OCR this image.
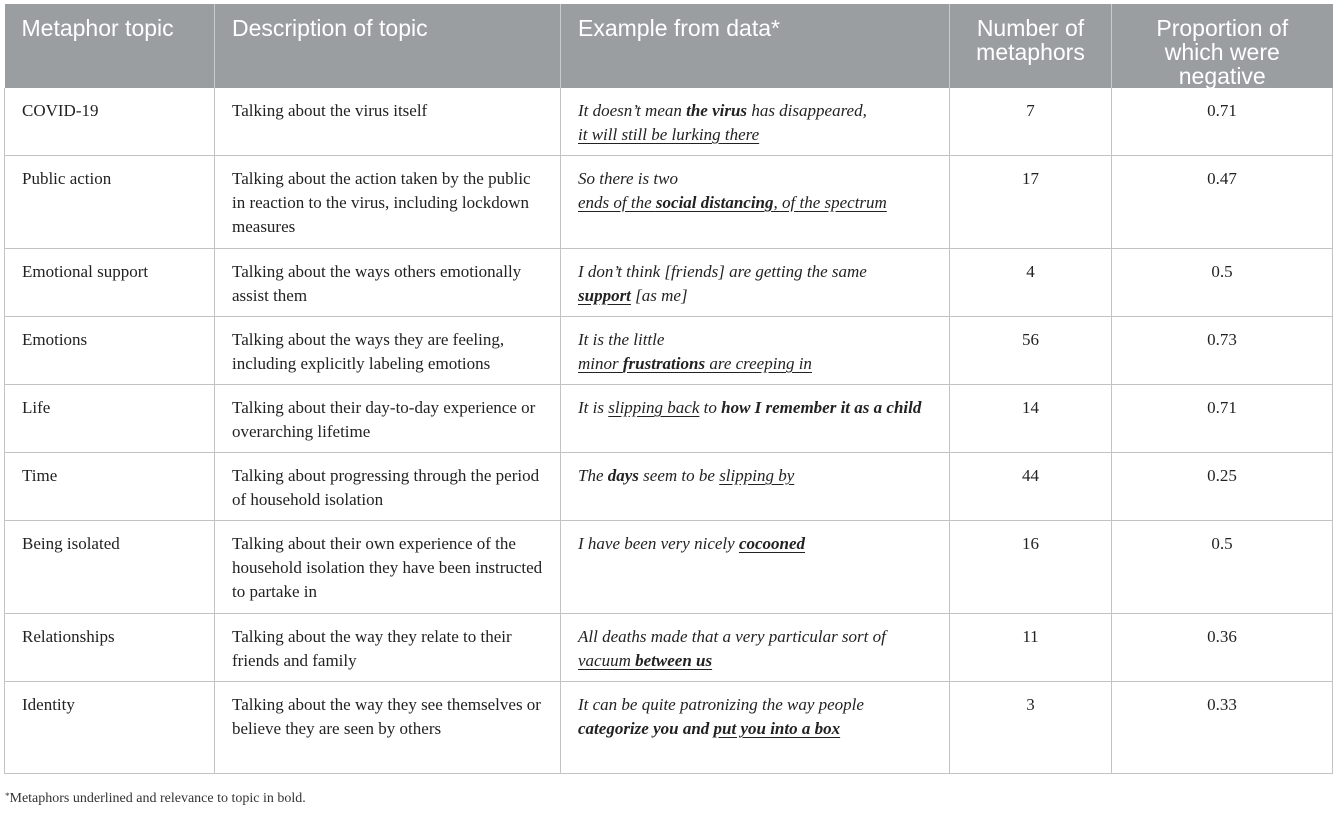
Metaphor topic	Description of topic	Example from data*	Number of
metaphors	Proportion of
which were
negative
COVID-19	Talking about the virus itself	It doesn’t mean the virus has disappeared,
it will still be lurking there	7	0.71
Public action	Talking about the action taken by the public in reaction to the virus, including lockdown measures	So there is two
ends of the social distancing, of the spectrum	17	0.47
Emotional support	Talking about the ways others emotionally assist them	I don’t think [friends] are getting the same
support [as me]	4	0.5
Emotions	Talking about the ways they are feeling, including explicitly labeling emotions	It is the little
minor frustrations are creeping in	56	0.73
Life	Talking about their day-to-day experience or overarching lifetime	It is slipping back to how I remember it as a child	14	0.71
Time	Talking about progressing through the period of household isolation	The days seem to be slipping by	44	0.25
Being isolated	Talking about their own experience of the household isolation they have been instructed to partake in	I have been very nicely cocooned	16	0.5
Relationships	Talking about the way they relate to their friends and family	All deaths made that a very particular sort of
vacuum between us	11	0.36
Identity	Talking about the way they see themselves or believe they are seen by others	It can be quite patronizing the way people
categorize you and put you into a box	3	0.33
*Metaphors underlined and relevance to topic in bold.
